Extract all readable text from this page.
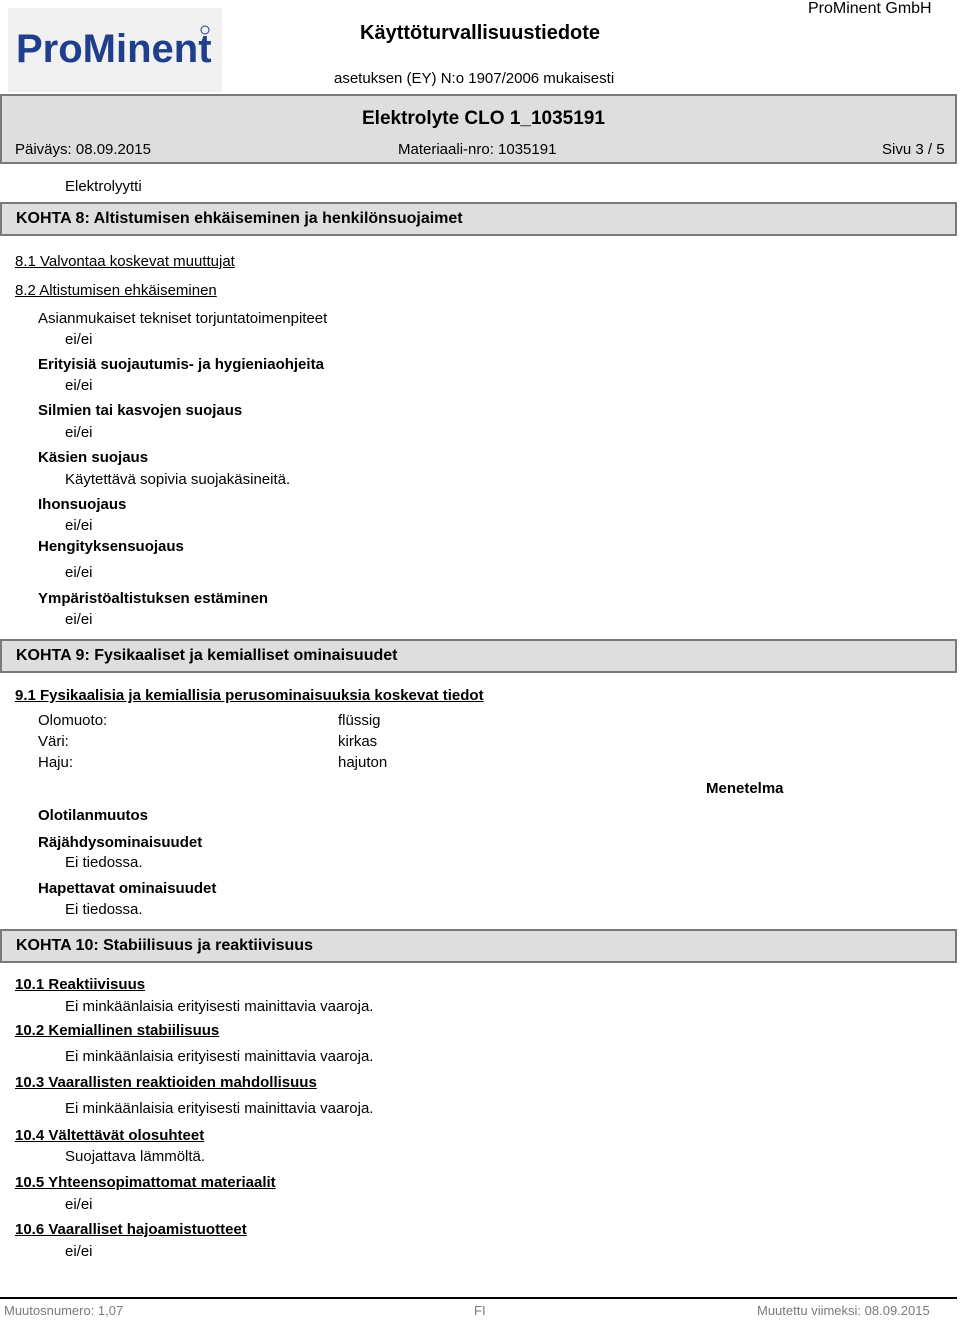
ProMinent	Käyttöturvallisuustiedote
ProMinent GmbH
asetuksen (EY) N:o 1907/2006 mukaisesti
Elektrolyte CLO 1_1035191
Päiväys: 08.09.2015	Materiaali-nro: 1035191	Sivu 3 / 5
Elektrolyytti
KOHTA 8: Altistumisen ehkäiseminen ja henkilönsuojaimet
8.1 Valvontaa koskevat muuttujat
8.2 Altistumisen ehkäiseminen
Asianmukaiset tekniset torjuntatoimenpiteet
ei/ei
Erityisiä suojautumis- ja hygieniaohjeita
ei/ei
Silmien tai kasvojen suojaus
ei/ei
Käsien suojaus
Käytettävä sopivia suojakäsineitä.
Ihonsuojaus
ei/ei
Hengityksensuojaus
ei/ei
Ympäristöaltistuksen estäminen
ei/ei
KOHTA 9: Fysikaaliset ja kemialliset ominaisuudet
9.1 Fysikaalisia ja kemiallisia perusominaisuuksia koskevat tiedot
Olomuoto:	flüssig
Väri:	kirkas
Haju:	hajuton
Menetelma
Olotilanmuutos
Räjähdysominaisuudet
Ei tiedossa.
Hapettavat ominaisuudet
Ei tiedossa.
KOHTA 10: Stabiilisuus ja reaktiivisuus
10.1 Reaktiivisuus
Ei minkäänlaisia erityisesti mainittavia vaaroja.
10.2 Kemiallinen stabiilisuus
Ei minkäänlaisia erityisesti mainittavia vaaroja.
10.3 Vaarallisten reaktioiden mahdollisuus
Ei minkäänlaisia erityisesti mainittavia vaaroja.
10.4 Vältettävät olosuhteet
Suojattava lämmöltä.
10.5 Yhteensopimattomat materiaalit
ei/ei
10.6 Vaaralliset hajoamistuotteet
ei/ei
Muutosnumero: 1,07	FI	Muutettu viimeksi: 08.09.2015
